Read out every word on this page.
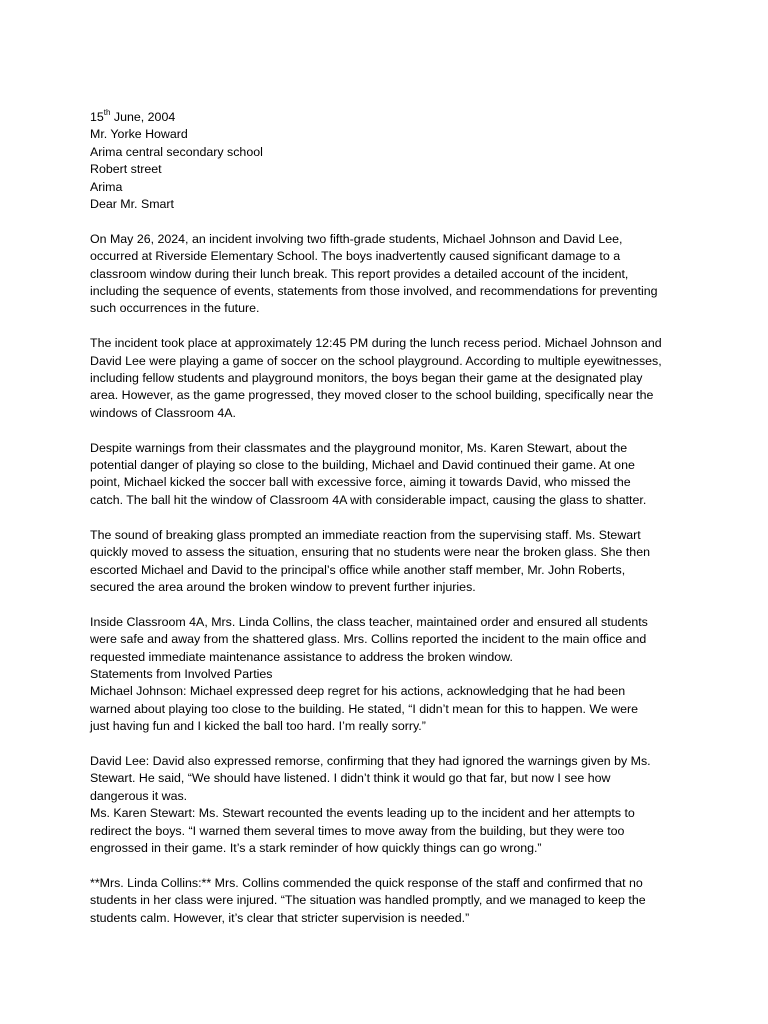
15th June, 2004
Mr. Yorke Howard
Arima central secondary school
Robert street
Arima
Dear Mr. Smart
On May 26, 2024, an incident involving two fifth-grade students, Michael Johnson and David Lee,
occurred at Riverside Elementary School. The boys inadvertently caused significant damage to a
classroom window during their lunch break. This report provides a detailed account of the incident,
including the sequence of events, statements from those involved, and recommendations for preventing
such occurrences in the future.
The incident took place at approximately 12:45 PM during the lunch recess period. Michael Johnson and
David Lee were playing a game of soccer on the school playground. According to multiple eyewitnesses,
including fellow students and playground monitors, the boys began their game at the designated play
area. However, as the game progressed, they moved closer to the school building, specifically near the
windows of Classroom 4A.
Despite warnings from their classmates and the playground monitor, Ms. Karen Stewart, about the
potential danger of playing so close to the building, Michael and David continued their game. At one
point, Michael kicked the soccer ball with excessive force, aiming it towards David, who missed the
catch. The ball hit the window of Classroom 4A with considerable impact, causing the glass to shatter.
The sound of breaking glass prompted an immediate reaction from the supervising staff. Ms. Stewart
quickly moved to assess the situation, ensuring that no students were near the broken glass. She then
escorted Michael and David to the principal’s office while another staff member, Mr. John Roberts,
secured the area around the broken window to prevent further injuries.
Inside Classroom 4A, Mrs. Linda Collins, the class teacher, maintained order and ensured all students
were safe and away from the shattered glass. Mrs. Collins reported the incident to the main office and
requested immediate maintenance assistance to address the broken window.
Statements from Involved Parties
Michael Johnson: Michael expressed deep regret for his actions, acknowledging that he had been
warned about playing too close to the building. He stated, “I didn’t mean for this to happen. We were
just having fun and I kicked the ball too hard. I’m really sorry.”
David Lee: David also expressed remorse, confirming that they had ignored the warnings given by Ms.
Stewart. He said, “We should have listened. I didn’t think it would go that far, but now I see how
dangerous it was.
Ms. Karen Stewart: Ms. Stewart recounted the events leading up to the incident and her attempts to
redirect the boys. “I warned them several times to move away from the building, but they were too
engrossed in their game. It’s a stark reminder of how quickly things can go wrong.”
**Mrs. Linda Collins:** Mrs. Collins commended the quick response of the staff and confirmed that no
students in her class were injured. “The situation was handled promptly, and we managed to keep the
students calm. However, it’s clear that stricter supervision is needed.”
